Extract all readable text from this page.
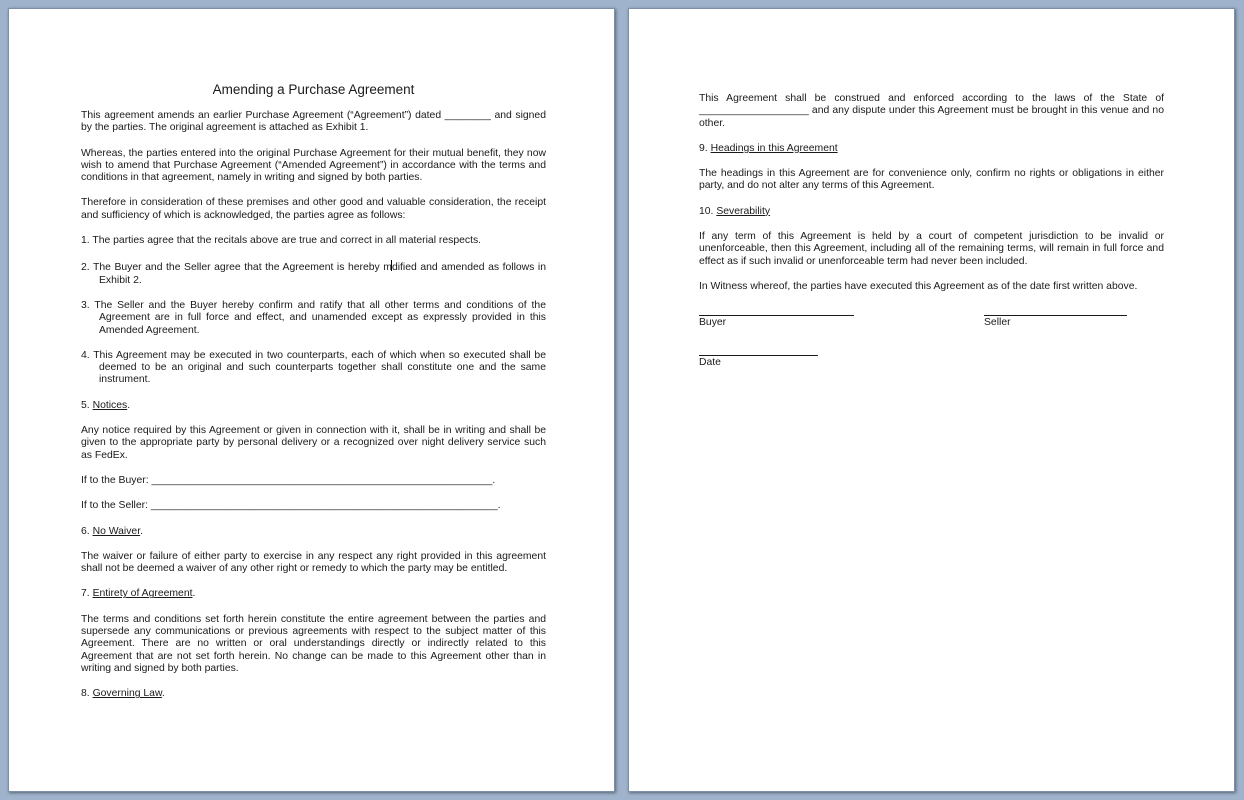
Amending a Purchase Agreement

This agreement amends an earlier Purchase Agreement (“Agreement”) dated ________ and signed by the parties. The original agreement is attached as Exhibit 1.

Whereas, the parties entered into the original Purchase Agreement for their mutual benefit, they now wish to amend that Purchase Agreement (“Amended Agreement”) in accordance with the terms and conditions in that agreement, namely in writing and signed by both parties.

Therefore in consideration of these premises and other good and valuable consideration, the receipt and sufficiency of which is acknowledged, the parties agree as follows:

1. The parties agree that the recitals above are true and correct in all material respects.

2. The Buyer and the Seller agree that the Agreement is hereby mdified and amended as follows in Exhibit 2.

3. The Seller and the Buyer hereby confirm and ratify that all other terms and conditions of the Agreement are in full force and effect, and unamended except as expressly provided in this Amended Agreement.

4. This Agreement may be executed in two counterparts, each of which when so executed shall be deemed to be an original and such counterparts together shall constitute one and the same instrument.

5. Notices.

Any notice required by this Agreement or given in connection with it, shall be in writing and shall be given to the appropriate party by personal delivery or a recognized over night delivery service such as FedEx.

If to the Buyer: ___________________________________________________________.

If to the Seller: ____________________________________________________________.

6. No Waiver.

The waiver or failure of either party to exercise in any respect any right provided in this agreement shall not be deemed a waiver of any other right or remedy to which the party may be entitled.

7. Entirety of Agreement.

The terms and conditions set forth herein constitute the entire agreement between the parties and supersede any communications or previous agreements with respect to the subject matter of this Agreement. There are no written or oral understandings directly or indirectly related to this Agreement that are not set forth herein. No change can be made to this Agreement other than in writing and signed by both parties.

8. Governing Law.

This Agreement shall be construed and enforced according to the laws of the State of ___________________ and any dispute under this Agreement must be brought in this venue and no other.

9. Headings in this Agreement

The headings in this Agreement are for convenience only, confirm no rights or obligations in either party, and do not alter any terms of this Agreement.

10. Severability

If any term of this Agreement is held by a court of competent jurisdiction to be invalid or unenforceable, then this Agreement, including all of the remaining terms, will remain in full force and effect as if such invalid or unenforceable term had never been included.

In Witness whereof, the parties have executed this Agreement as of the date first written above.

Buyer	Seller
Date
